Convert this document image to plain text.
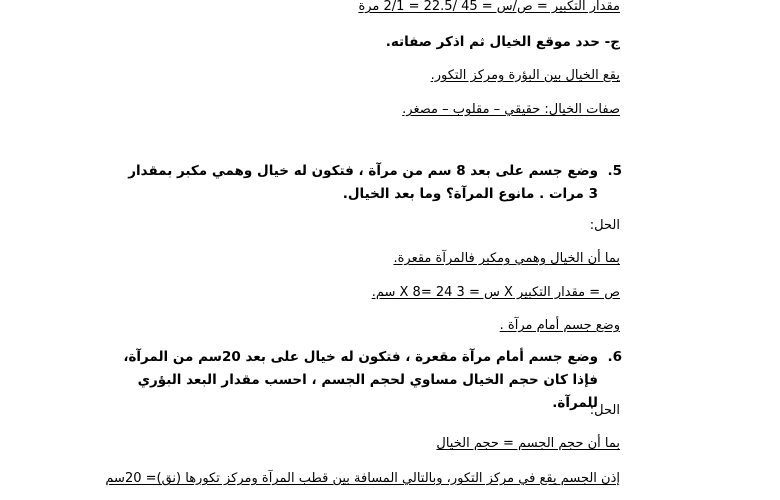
مقدار التكبير = ص/س = 45 /22.5 = 2/1 مرة
ج- حدد موقع الخيال ثم اذكر صفاته.
يقع الخيال بين البؤرة ومركز التكور.
صفات الخيال: حقيقي – مقلوب – مصغر.
5.
وضع جسم على بعد 8 سم من مرآة ، فتكون له خيال وهمي مكبر بمقدار 3 مرات . مانوع المرآة؟ وما بعد الخيال.
الحل:
بما أن الخيال وهمي ومكبر فالمرآة مقعرة.
ص = مقدار التكبير X س = 3 X 8= 24 سم.
وضع جسم أمام مرآة .
6.
وضع جسم أمام مرآة مقعرة ، فتكون له خيال على بعد 20سم من المرآة، فإذا كان حجم الخيال مساوي لحجم الجسم ، احسب مقدار البعد البؤري للمرآة.
الحل:
بما أن حجم الجسم = حجم الخيال
إذن الجسم يقع في مركز التكور، وبالتالي المسافة بين قطب المرآة ومركز تكورها (نق)= 20سم
